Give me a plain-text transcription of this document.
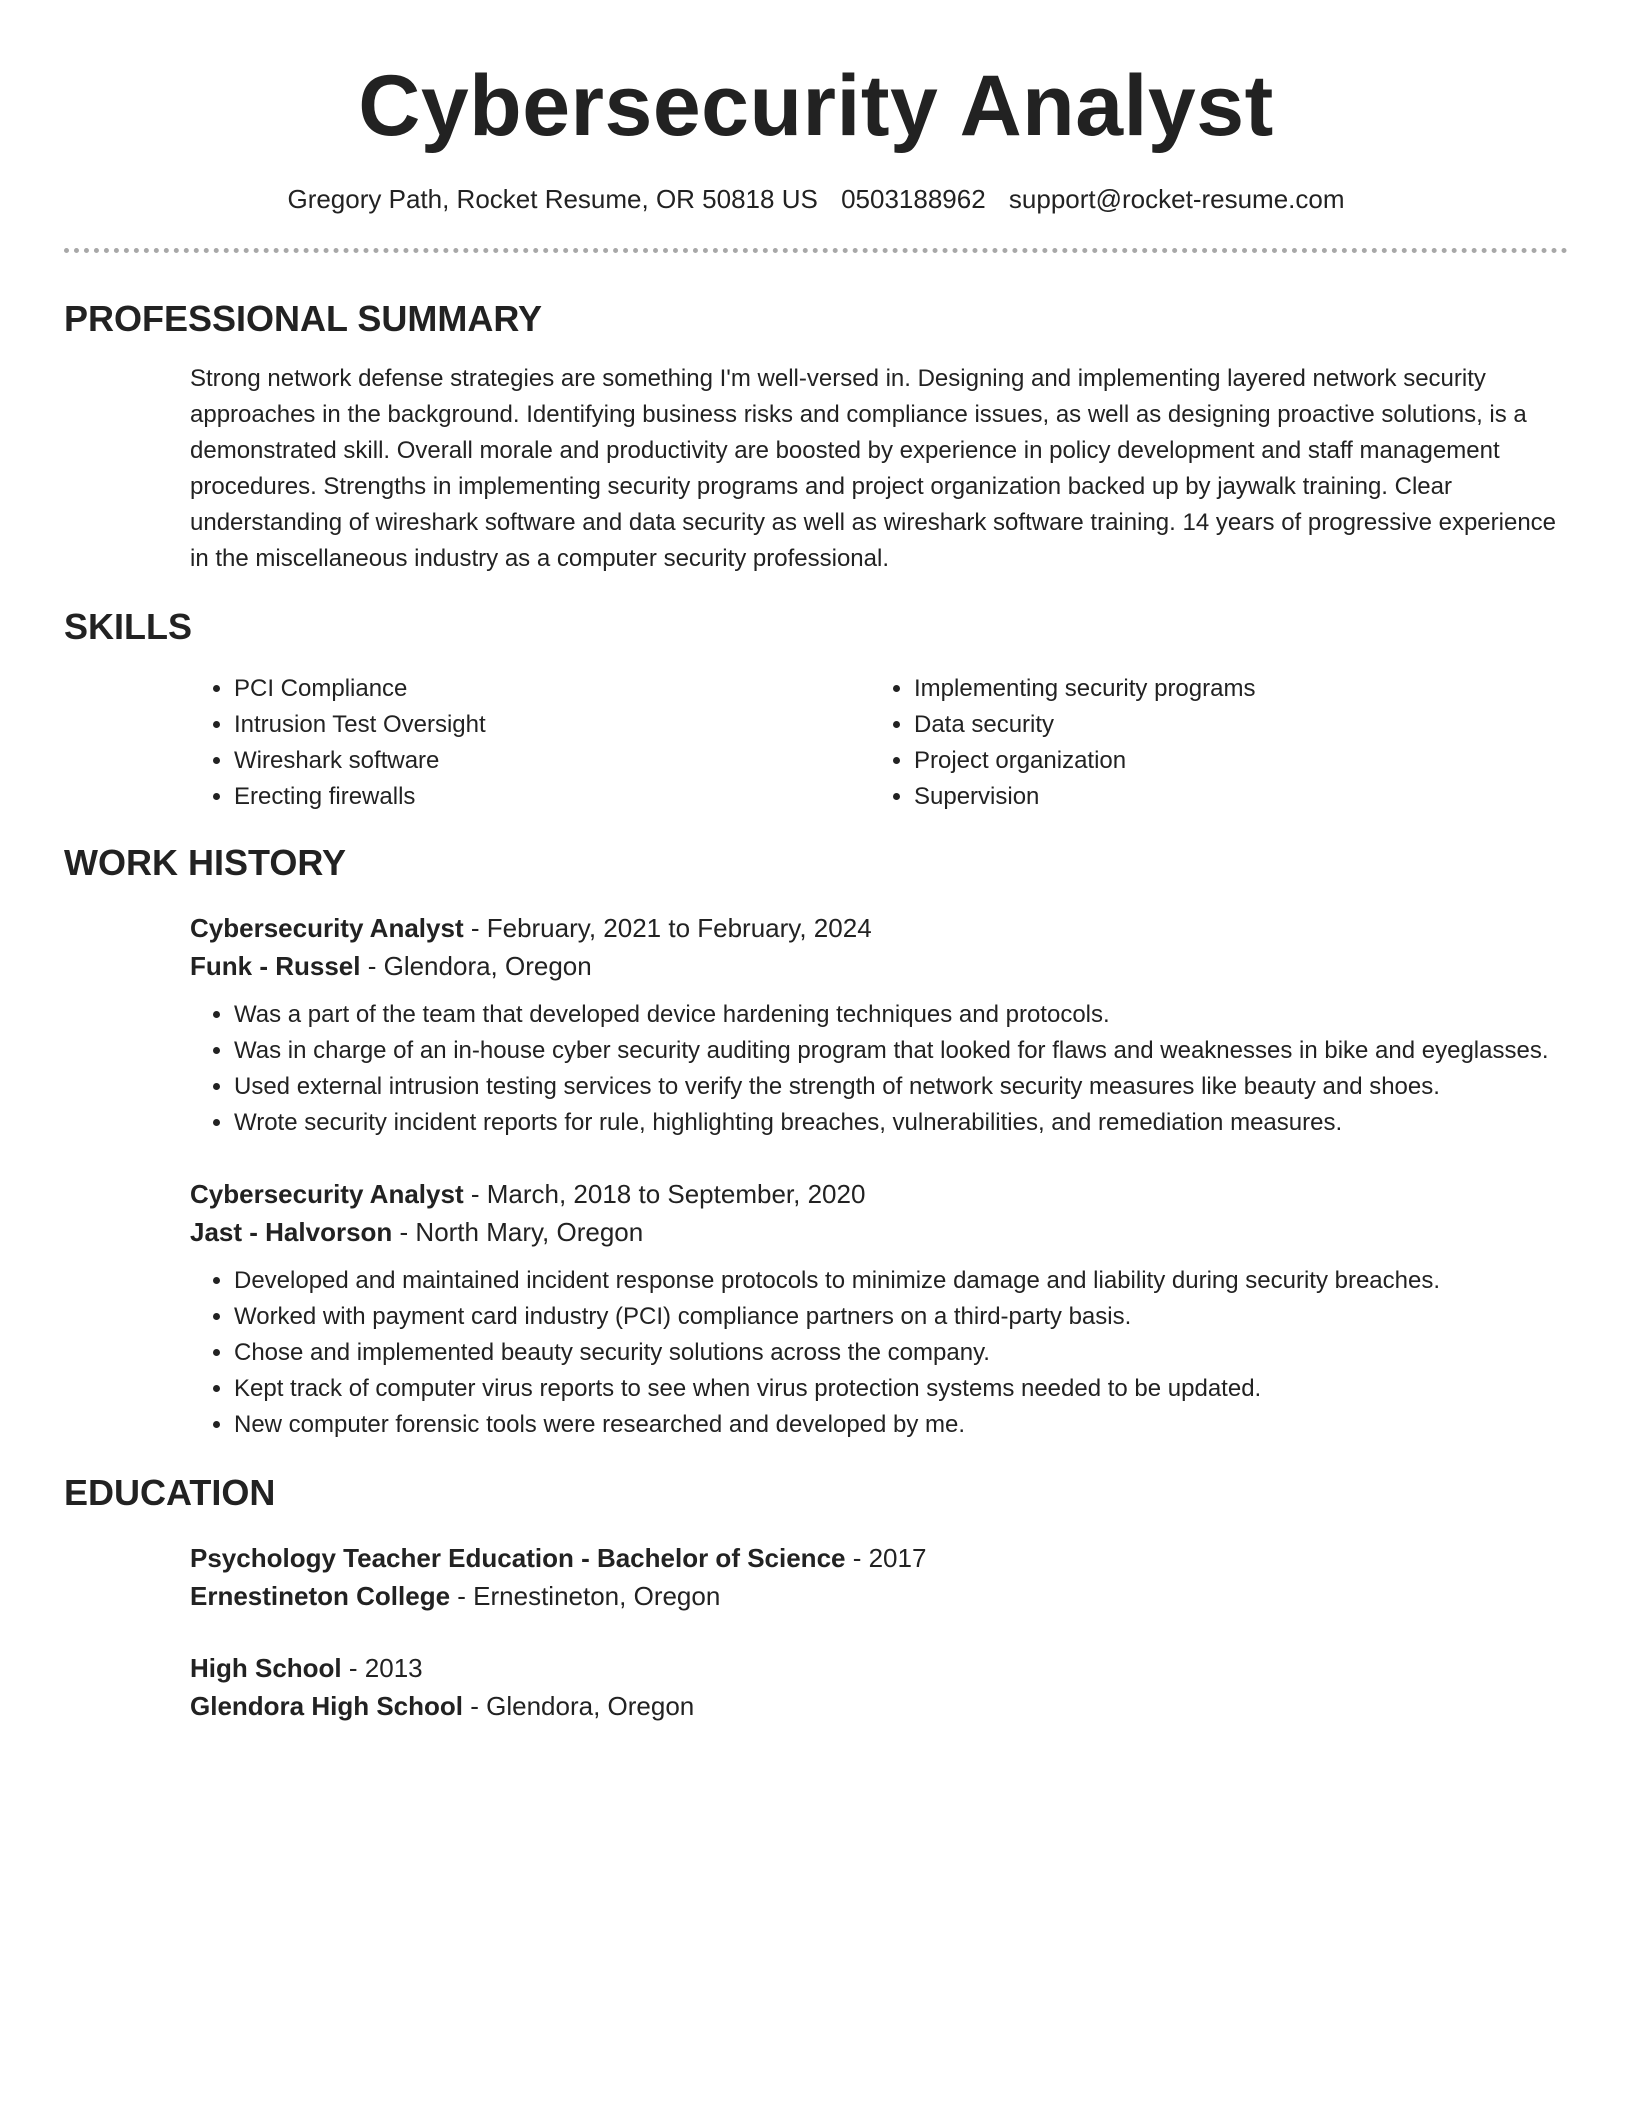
Cybersecurity Analyst
Gregory Path, Rocket Resume, OR 50818 US 0503188962 support@rocket-resume.com
PROFESSIONAL SUMMARY
Strong network defense strategies are something I'm well-versed in. Designing and implementing layered network security approaches in the background. Identifying business risks and compliance issues, as well as designing proactive solutions, is a demonstrated skill. Overall morale and productivity are boosted by experience in policy development and staff management procedures. Strengths in implementing security programs and project organization backed up by jaywalk training. Clear understanding of wireshark software and data security as well as wireshark software training. 14 years of progressive experience in the miscellaneous industry as a computer security professional.
SKILLS
• PCI Compliance
• Intrusion Test Oversight
• Wireshark software
• Erecting firewalls
• Implementing security programs
• Data security
• Project organization
• Supervision
WORK HISTORY
Cybersecurity Analyst - February, 2021 to February, 2024
Funk - Russel - Glendora, Oregon
• Was a part of the team that developed device hardening techniques and protocols.
• Was in charge of an in-house cyber security auditing program that looked for flaws and weaknesses in bike and eyeglasses.
• Used external intrusion testing services to verify the strength of network security measures like beauty and shoes.
• Wrote security incident reports for rule, highlighting breaches, vulnerabilities, and remediation measures.
Cybersecurity Analyst - March, 2018 to September, 2020
Jast - Halvorson - North Mary, Oregon
• Developed and maintained incident response protocols to minimize damage and liability during security breaches.
• Worked with payment card industry (PCI) compliance partners on a third-party basis.
• Chose and implemented beauty security solutions across the company.
• Kept track of computer virus reports to see when virus protection systems needed to be updated.
• New computer forensic tools were researched and developed by me.
EDUCATION
Psychology Teacher Education - Bachelor of Science - 2017
Ernestineton College - Ernestineton, Oregon
High School - 2013
Glendora High School - Glendora, Oregon
